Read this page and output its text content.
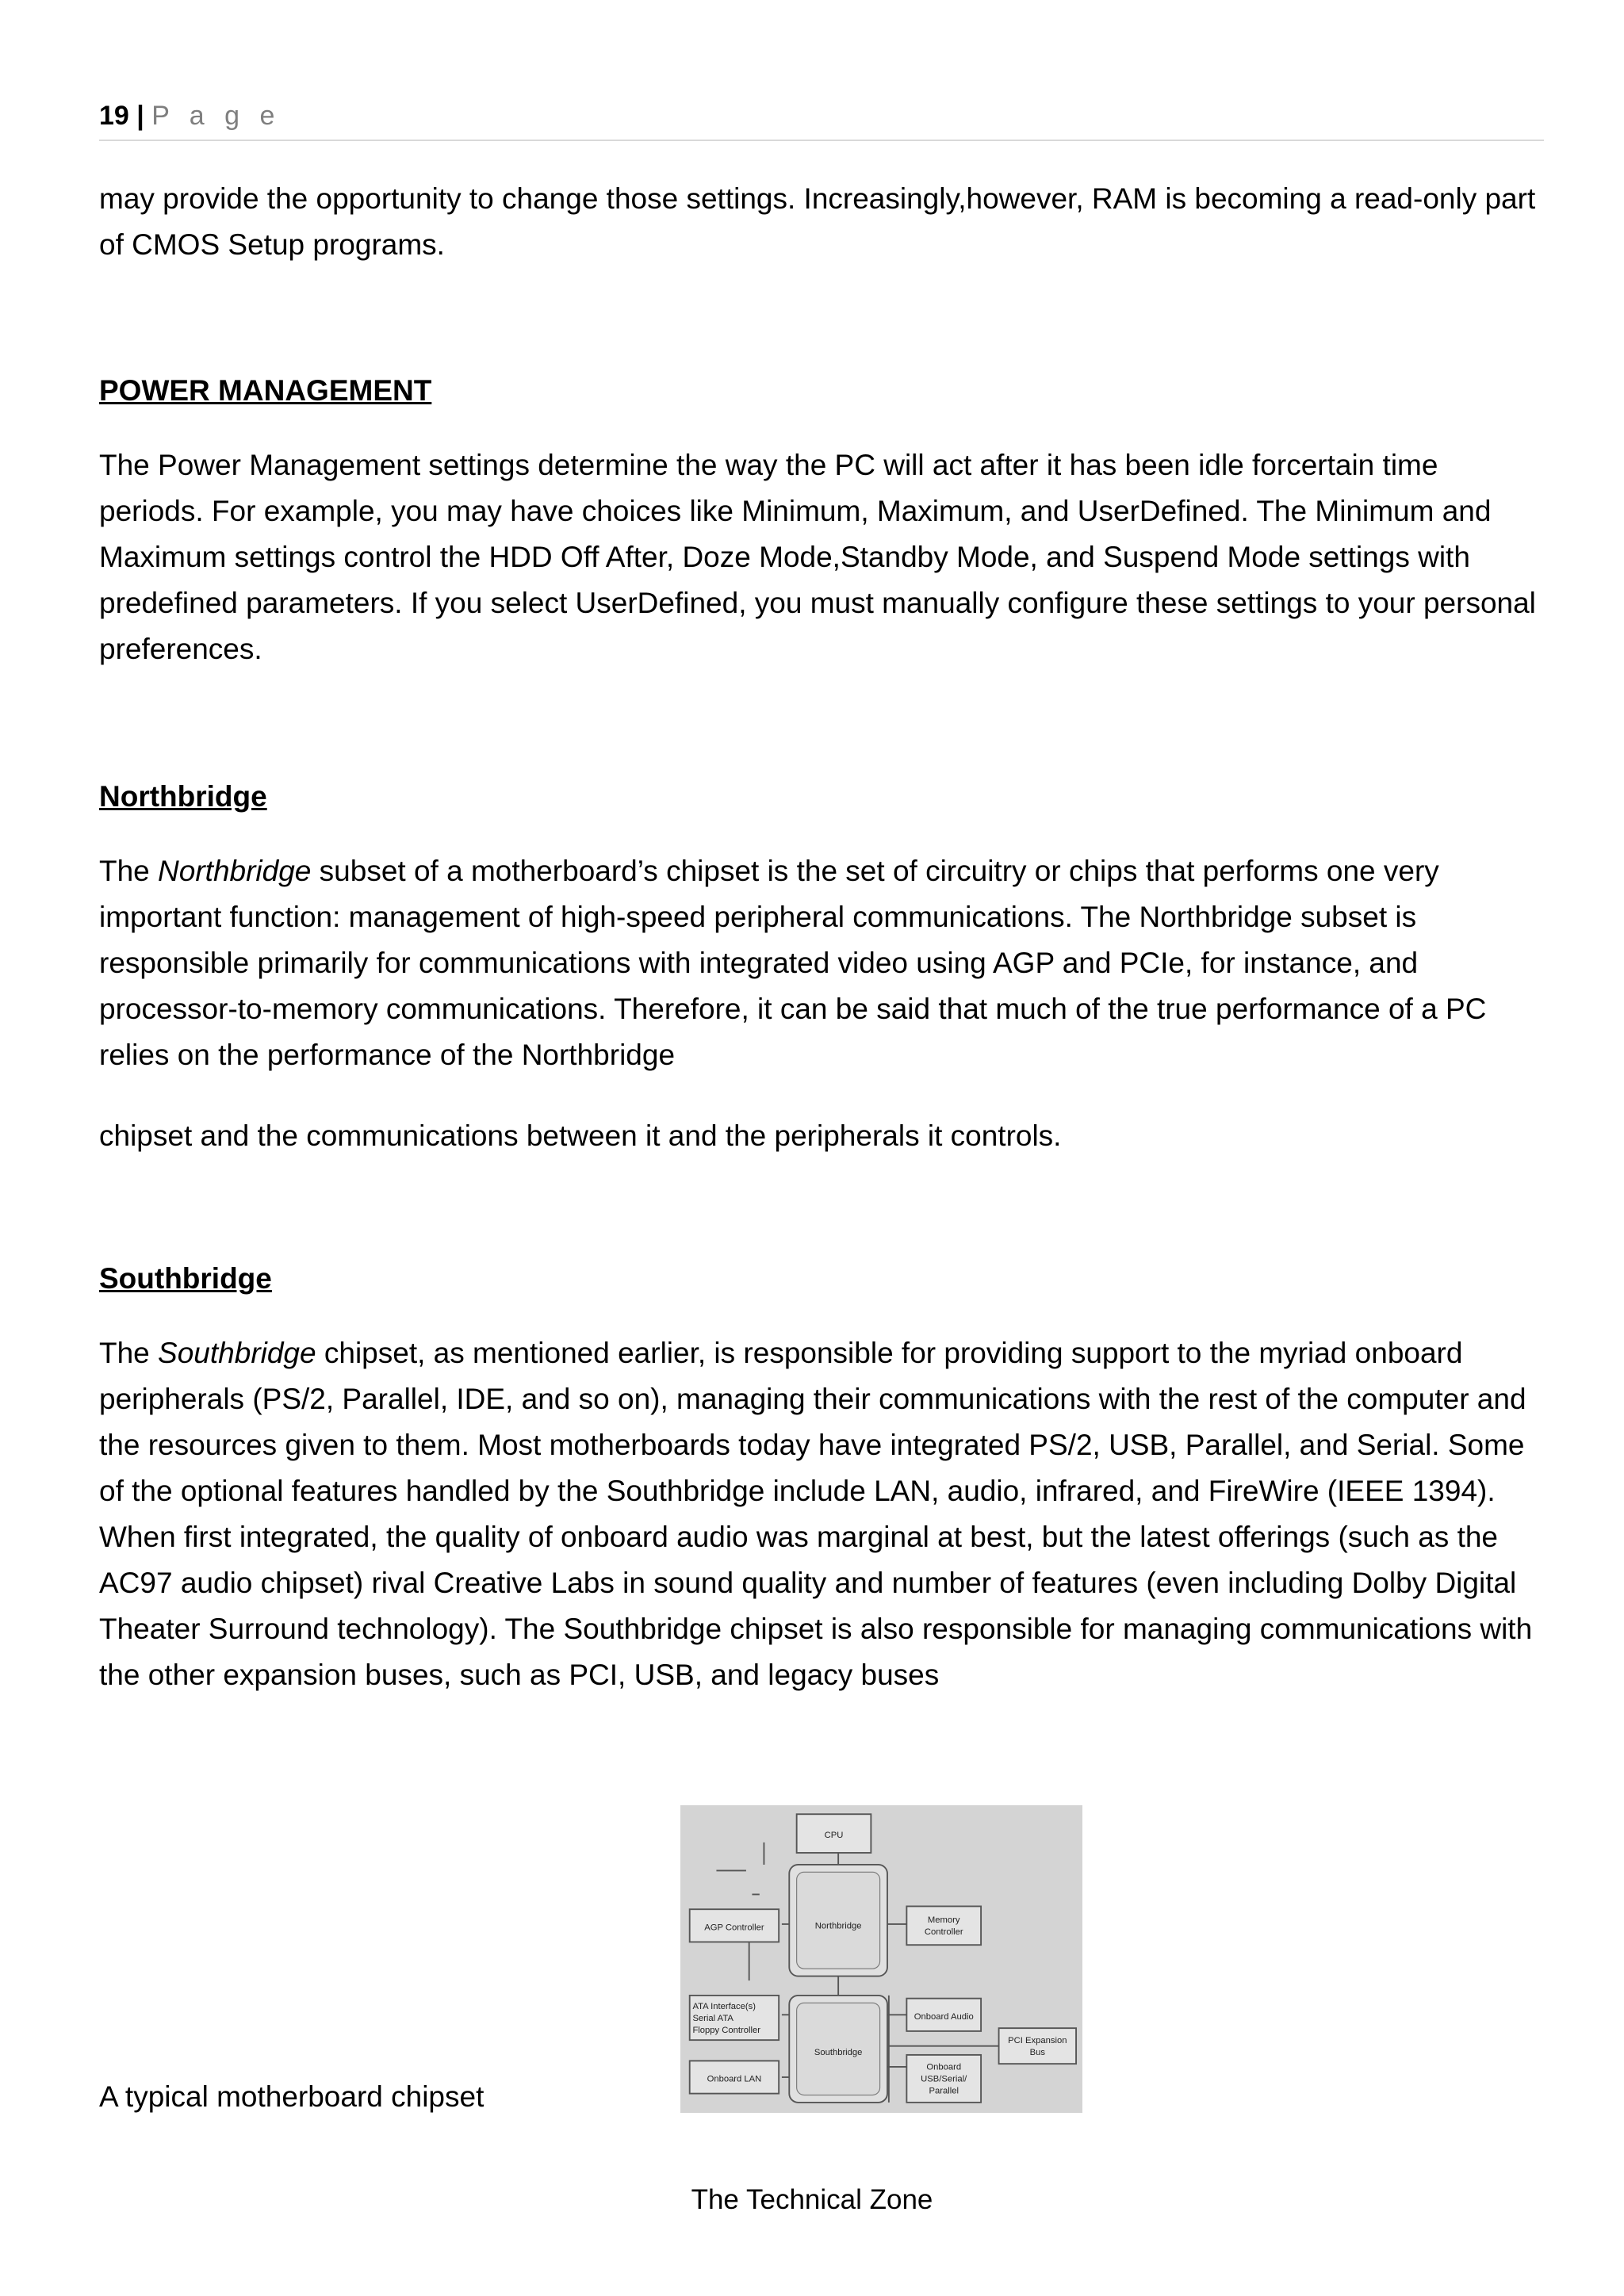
19 | P a g e

may provide the opportunity to change those settings. Increasingly,however, RAM is becoming a read-only part of CMOS Setup programs.

POWER MANAGEMENT

The Power Management settings determine the way the PC will act after it has been idle forcertain time periods. For example, you may have choices like Minimum, Maximum, and UserDefined. The Minimum and Maximum settings control the HDD Off After, Doze Mode,Standby Mode, and Suspend Mode settings with predefined parameters. If you select UserDefined, you must manually configure these settings to your personal preferences.

Northbridge

The Northbridge subset of a motherboard’s chipset is the set of circuitry or chips that performs one very important function: management of high-speed peripheral communications. The Northbridge subset is responsible primarily for communications with integrated video using AGP and PCIe, for instance, and processor-to-memory communications. Therefore, it can be said that much of the true performance of a PC relies on the performance of the Northbridge

chipset and the communications between it and the peripherals it controls.

Southbridge

The Southbridge chipset, as mentioned earlier, is responsible for providing support to the myriad onboard peripherals (PS/2, Parallel, IDE, and so on), managing their communications with the rest of the computer and the resources given to them. Most motherboards today have integrated PS/2, USB, Parallel, and Serial. Some of the optional features handled by the Southbridge include LAN, audio, infrared, and FireWire (IEEE 1394). When first integrated, the quality of onboard audio was marginal at best, but the latest offerings (such as the AC97 audio chipset) rival Creative Labs in sound quality and number of features (even including Dolby Digital Theater Surround technology). The Southbridge chipset is also responsible for managing communications with the other expansion buses, such as PCI, USB, and legacy buses

CPU
Northbridge
AGP Controller
Memory
Controller
ATA Interface(s)
Serial ATA
Floppy Controller
Southbridge
Onboard Audio
Onboard LAN
Onboard
USB/Serial/
Parallel
PCI Expansion
Bus
A typical motherboard chipset
The Technical Zone
